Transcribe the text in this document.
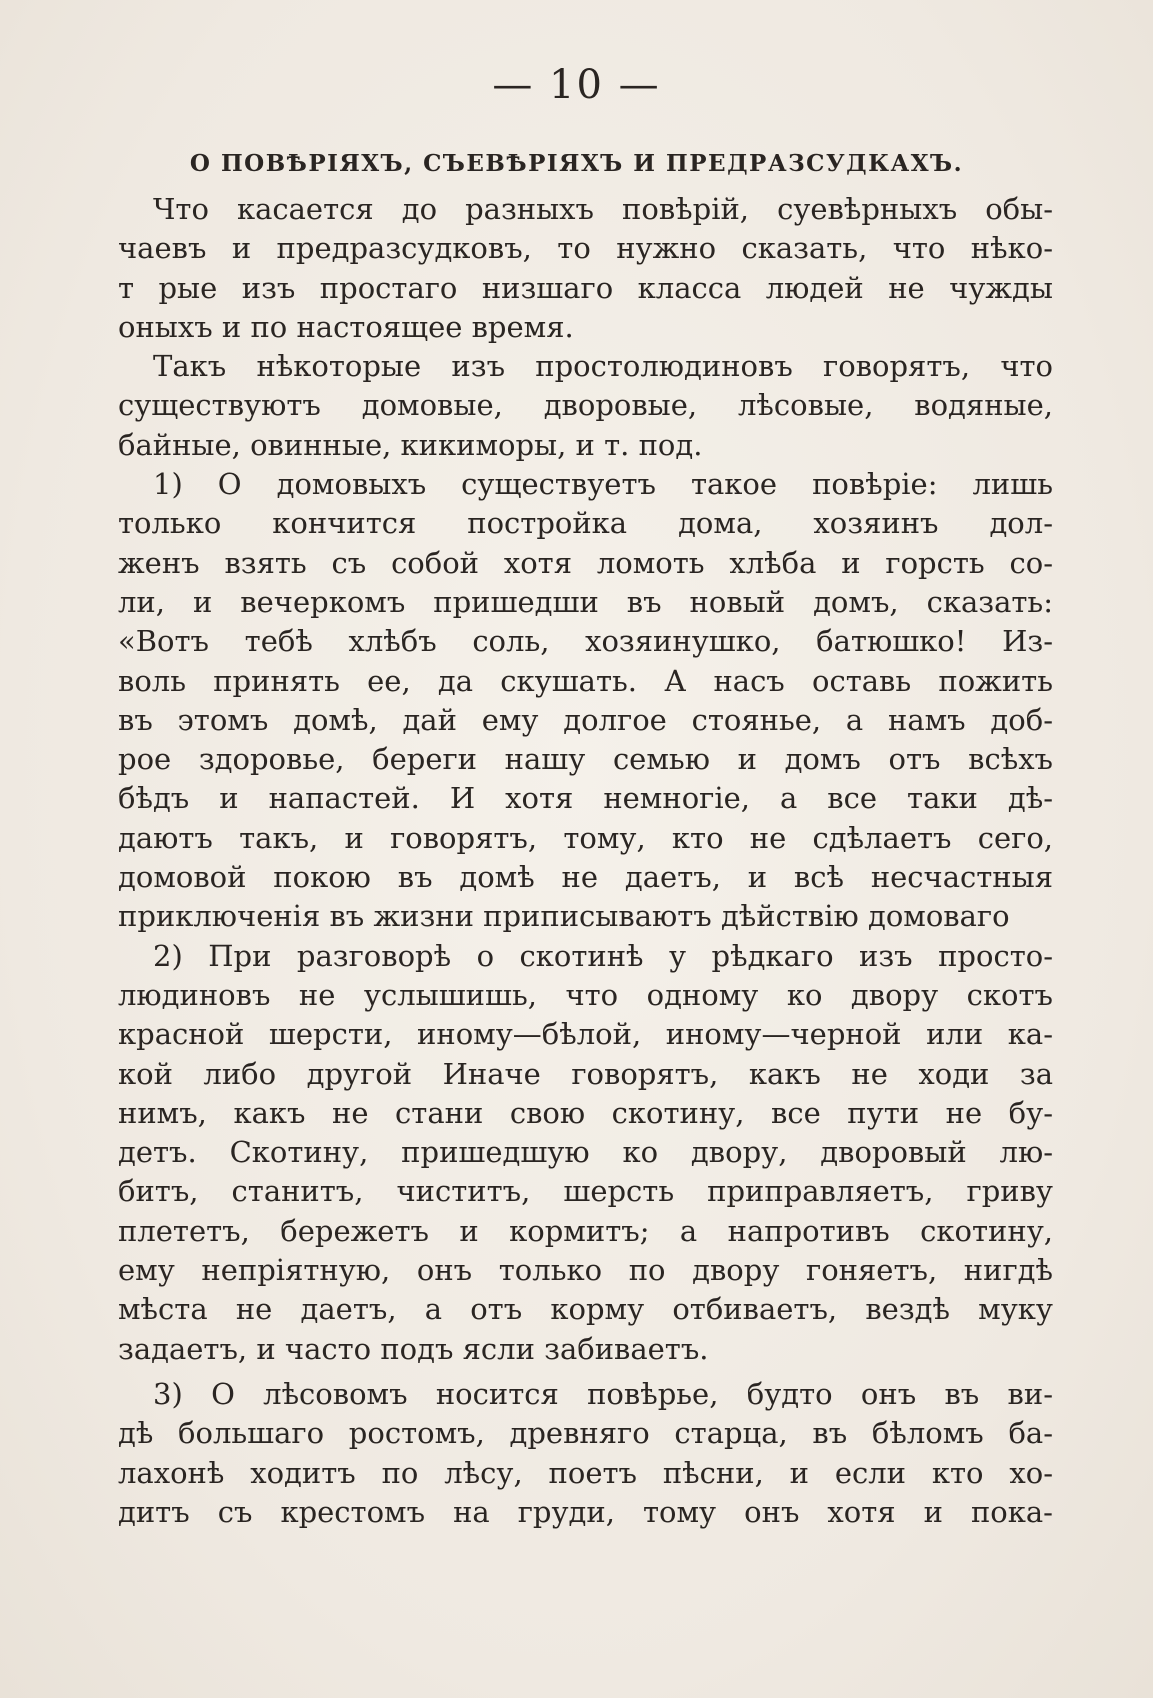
— 10 —
О ПОВѢРІЯХЪ, СЪЕВѢРІЯХЪ И ПРЕДРАЗСУДКАХЪ.
Что касается до разныхъ повѣрій, суевѣрныхъ обы-
чаевъ и предразсудковъ, то нужно сказать, что нѣко-
т рые изъ простаго низшаго класса людей не чужды
оныхъ и по настоящее время.
Такъ нѣкоторые изъ простолюдиновъ говорятъ, что
существуютъ домовые, дворовые, лѣсовые, водяные,
байные, овинные, кикиморы, и т. под.
1) О домовыхъ существуетъ такое повѣріе: лишь
только кончится постройка дома, хозяинъ дол-
женъ взять съ собой хотя ломоть хлѣба и горсть со-
ли, и вечеркомъ пришедши въ новый домъ, сказать:
«Вотъ тебѣ хлѣбъ соль, хозяинушко, батюшко! Из-
воль принять ее, да скушать. А насъ оставь пожить
въ этомъ домѣ, дай ему долгое стоянье, а намъ доб-
рое здоровье, береги нашу семью и домъ отъ всѣхъ
бѣдъ и напастей. И хотя немногіе, а все таки дѣ-
даютъ такъ, и говорятъ, тому, кто не сдѣлаетъ сего,
домовой покою въ домѣ не даетъ, и всѣ несчастныя
приключенія въ жизни приписываютъ дѣйствію домоваго
2) При разговорѣ о скотинѣ у рѣдкаго изъ просто-
людиновъ не услышишь, что одному ко двору скотъ
красной шерсти, иному—бѣлой, иному—черной или ка-
кой либо другой Иначе говорятъ, какъ не ходи за
нимъ, какъ не стани свою скотину, все пути не бу-
детъ. Скотину, пришедшую ко двору, дворовый лю-
битъ, станитъ, чиститъ, шерсть приправляетъ, гриву
плететъ, бережетъ и кормитъ; а напротивъ скотину,
ему непріятную, онъ только по двору гоняетъ, нигдѣ
мѣста не даетъ, а отъ корму отбиваетъ, вездѣ муку
задаетъ, и часто подъ ясли забиваетъ.
3) О лѣсовомъ носится повѣрье, будто онъ въ ви-
дѣ большаго ростомъ, древняго старца, въ бѣломъ ба-
лахонѣ ходитъ по лѣсу, поетъ пѣсни, и если кто хо-
дитъ съ крестомъ на груди, тому онъ хотя и пока-
